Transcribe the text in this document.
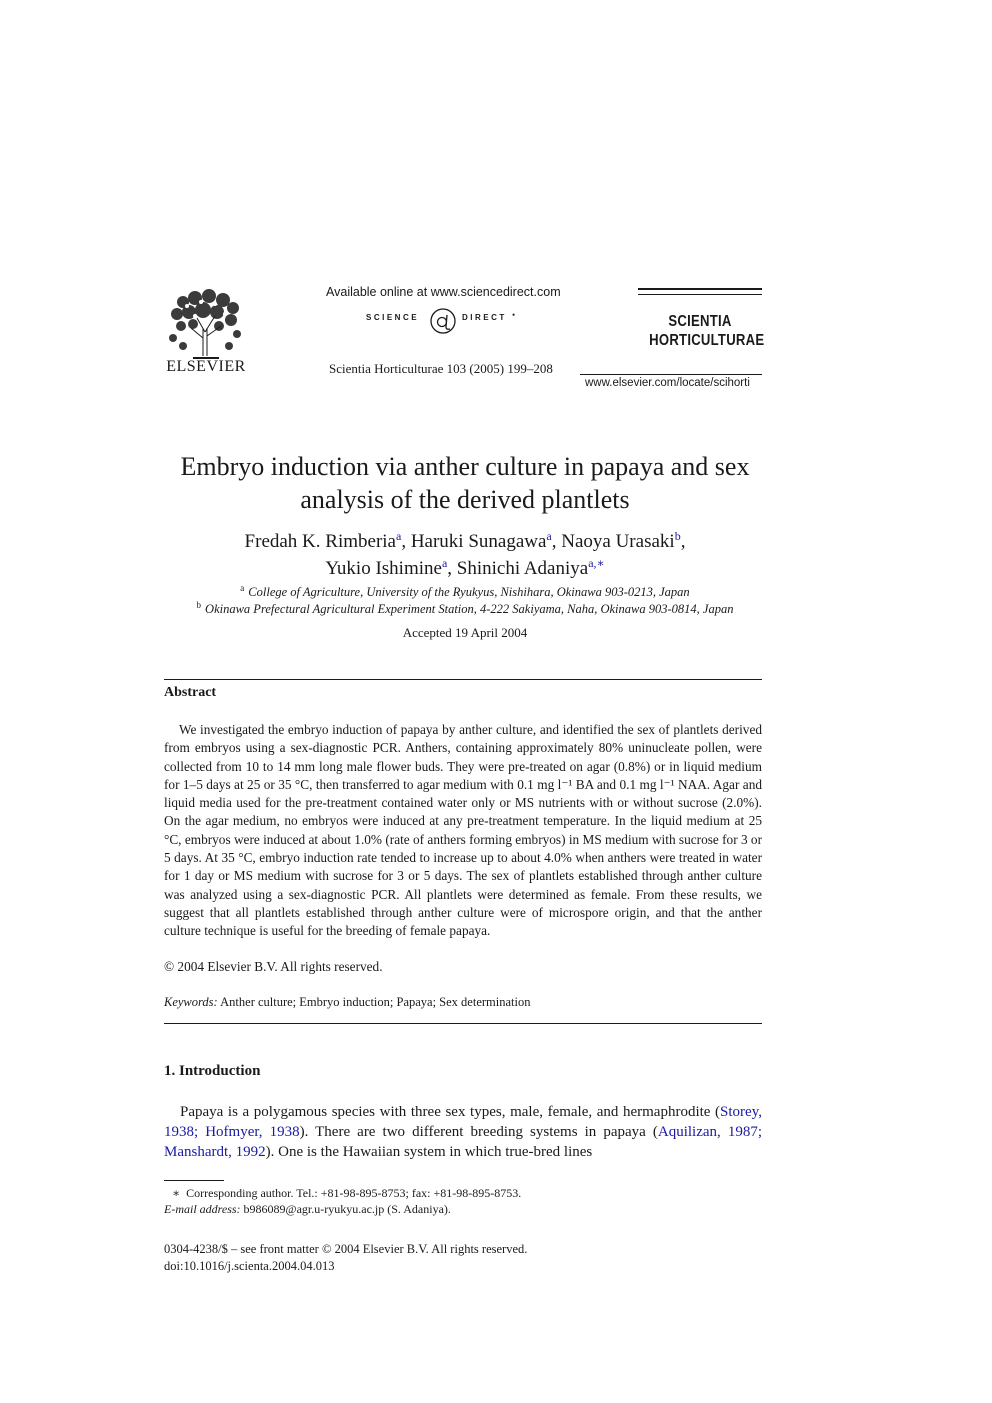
ELSEVIER
Available online at www.sciencedirect.com
SCIENCE	DIRECT •
Scientia Horticulturae 103 (2005) 199–208
SCIENTIA
HORTICULTURAE
www.elsevier.com/locate/scihorti
Embryo induction via anther culture in papaya and sex analysis of the derived plantlets
Fredah K. Rimberia$^a$, Haruki Sunagawa$^a$, Naoya Urasaki$^b$,
Yukio Ishimine$^a$, Shinichi Adaniya$^{a,∗}$
$^a$ College of Agriculture, University of the Ryukyus, Nishihara, Okinawa 903-0213, Japan
$^b$ Okinawa Prefectural Agricultural Experiment Station, 4-222 Sakiyama, Naha, Okinawa 903-0814, Japan
Accepted 19 April 2004
Abstract
We investigated the embryo induction of papaya by anther culture, and identified the sex of plantlets derived from embryos using a sex-diagnostic PCR. Anthers, containing approximately 80% uninucleate pollen, were collected from 10 to 14 mm long male flower buds. They were pre-treated on agar (0.8%) or in liquid medium for 1–5 days at 25 or 35 °C, then transferred to agar medium with 0.1 mg l⁻¹ BA and 0.1 mg l⁻¹ NAA. Agar and liquid media used for the pre-treatment contained water only or MS nutrients with or without sucrose (2.0%). On the agar medium, no embryos were induced at any pre-treatment temperature. In the liquid medium at 25 °C, embryos were induced at about 1.0% (rate of anthers forming embryos) in MS medium with sucrose for 3 or 5 days. At 35 °C, embryo induction rate tended to increase up to about 4.0% when anthers were treated in water for 1 day or MS medium with sucrose for 3 or 5 days. The sex of plantlets established through anther culture was analyzed using a sex-diagnostic PCR. All plantlets were determined as female. From these results, we suggest that all plantlets established through anther culture were of microspore origin, and that the anther culture technique is useful for the breeding of female papaya.
© 2004 Elsevier B.V. All rights reserved.
Keywords: Anther culture; Embryo induction; Papaya; Sex determination
1. Introduction
Papaya is a polygamous species with three sex types, male, female, and hermaphrodite (Storey, 1938; Hofmyer, 1938). There are two different breeding systems in papaya (Aquilizan, 1987; Manshardt, 1992). One is the Hawaiian system in which true-bred lines
∗ Corresponding author. Tel.: +81-98-895-8753; fax: +81-98-895-8753.
E-mail address: b986089@agr.u-ryukyu.ac.jp (S. Adaniya).
0304-4238/$ – see front matter © 2004 Elsevier B.V. All rights reserved.
doi:10.1016/j.scienta.2004.04.013
